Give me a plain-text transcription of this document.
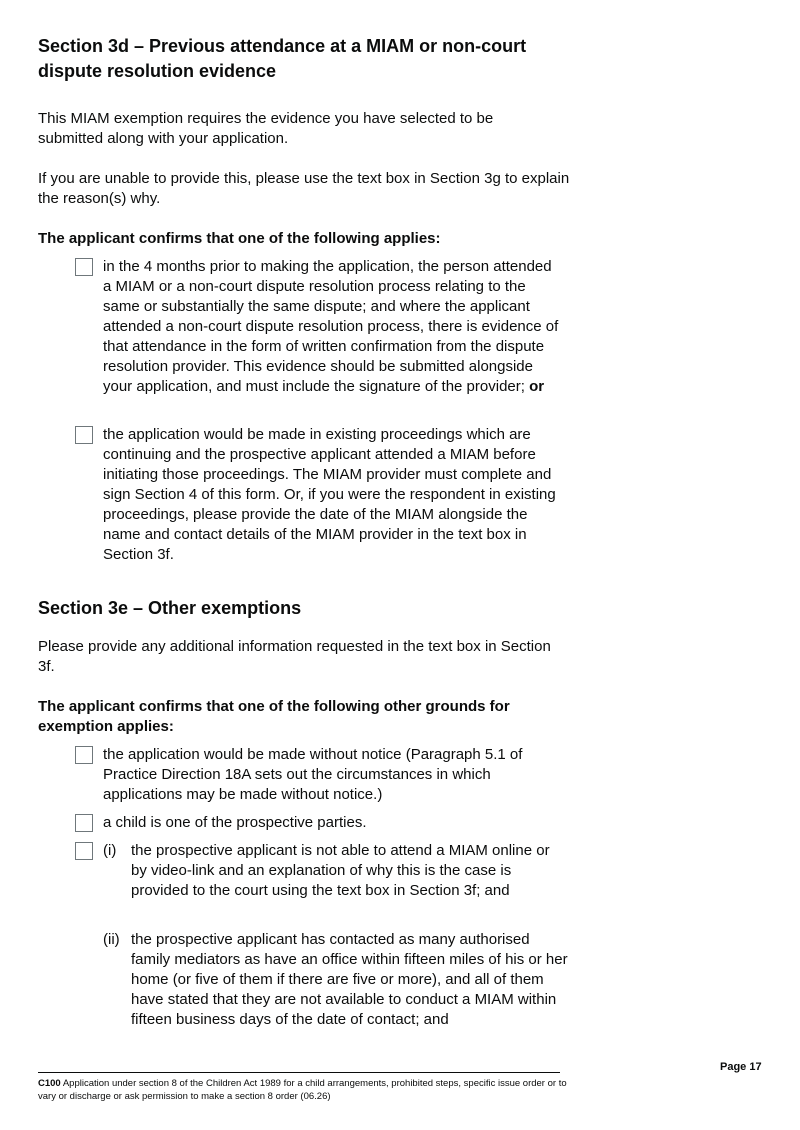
Section 3d – Previous attendance at a MIAM or non-court dispute resolution evidence

This MIAM exemption requires the evidence you have selected to be submitted along with your application.

If you are unable to provide this, please use the text box in Section 3g to explain the reason(s) why.

The applicant confirms that one of the following applies:

in the 4 months prior to making the application, the person attended a MIAM or a non-court dispute resolution process relating to the same or substantially the same dispute; and where the applicant attended a non-court dispute resolution process, there is evidence of that attendance in the form of written confirmation from the dispute resolution provider. This evidence should be submitted alongside your application, and must include the signature of the provider; or

the application would be made in existing proceedings which are continuing and the prospective applicant attended a MIAM before initiating those proceedings. The MIAM provider must complete and sign Section 4 of this form. Or, if you were the respondent in existing proceedings, please provide the date of the MIAM alongside the name and contact details of the MIAM provider in the text box in Section 3f.

Section 3e – Other exemptions

Please provide any additional information requested in the text box in Section 3f.

The applicant confirms that one of the following other grounds for exemption applies:

the application would be made without notice (Paragraph 5.1 of Practice Direction 18A sets out the circumstances in which applications may be made without notice.)

a child is one of the prospective parties.

(i) the prospective applicant is not able to attend a MIAM online or by video-link and an explanation of why this is the case is provided to the court using the text box in Section 3f; and

(ii) the prospective applicant has contacted as many authorised family mediators as have an office within fifteen miles of his or her home (or five of them if there are five or more), and all of them have stated that they are not available to conduct a MIAM within fifteen business days of the date of contact; and

C100 Application under section 8 of the Children Act 1989 for a child arrangements, prohibited steps, specific issue order or to vary or discharge or ask permission to make a section 8 order (06.26)
Page 17
